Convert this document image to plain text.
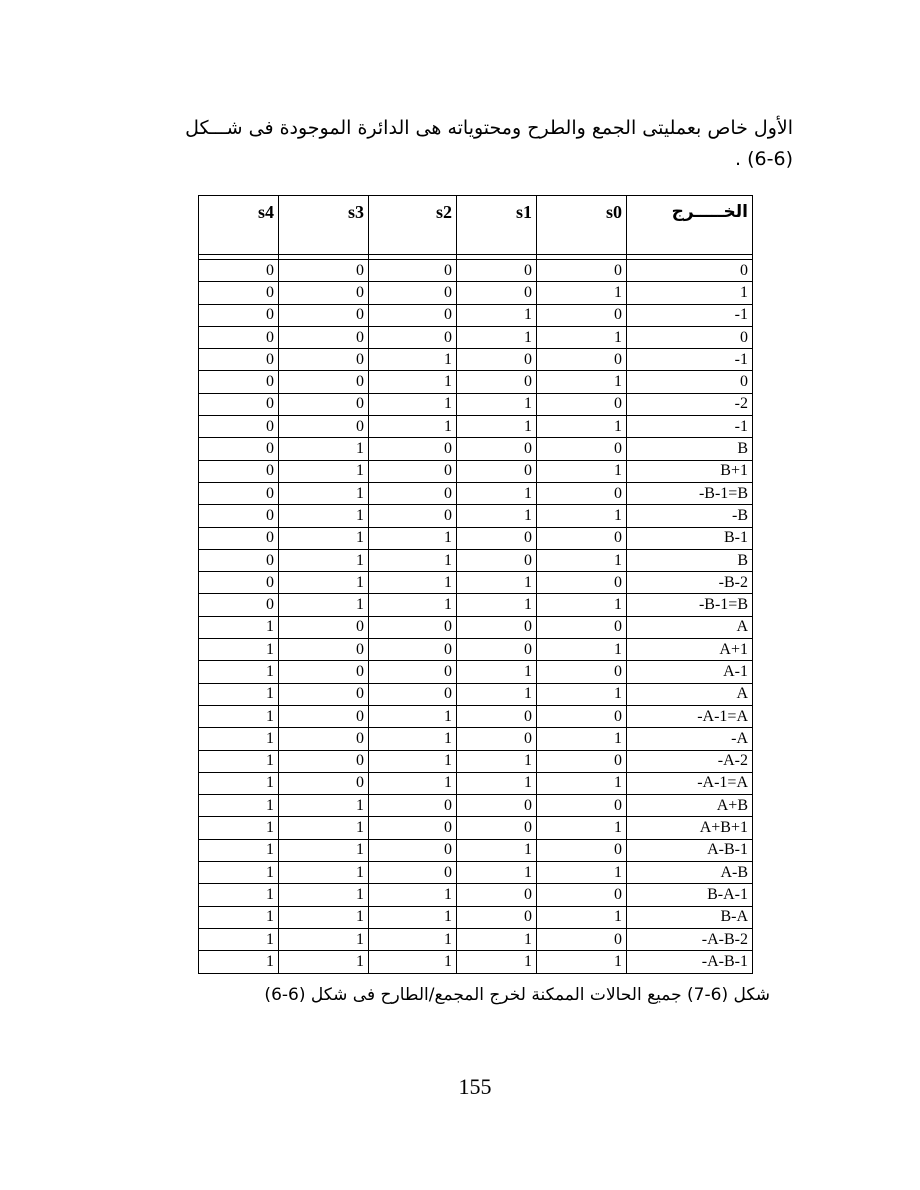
الأول خاص بعمليتى الجمع والطرح ومحتوياته هى الدائرة الموجودة فى شـــكل

(6-6) .

s4	s3	s2	s1	s0	الخـــــرج

0	0	0	0	0	0
0	0	0	0	1	1
0	0	0	1	0	-1
0	0	0	1	1	0
0	0	1	0	0	-1
0	0	1	0	1	0
0	0	1	1	0	-2
0	0	1	1	1	-1
0	1	0	0	0	B
0	1	0	0	1	B+1
0	1	0	1	0	-B-1=B
0	1	0	1	1	-B
0	1	1	0	0	B-1
0	1	1	0	1	B
0	1	1	1	0	-B-2
0	1	1	1	1	-B-1=B
1	0	0	0	0	A
1	0	0	0	1	A+1
1	0	0	1	0	A-1
1	0	0	1	1	A
1	0	1	0	0	-A-1=A
1	0	1	0	1	-A
1	0	1	1	0	-A-2
1	0	1	1	1	-A-1=A
1	1	0	0	0	A+B
1	1	0	0	1	A+B+1
1	1	0	1	0	A-B-1
1	1	0	1	1	A-B
1	1	1	0	0	B-A-1
1	1	1	0	1	B-A
1	1	1	1	0	-A-B-2
1	1	1	1	1	-A-B-1
شكل (6-7) جميع الحالات الممكنة لخرج المجمع/الطارح فى شكل (6-6)
155
